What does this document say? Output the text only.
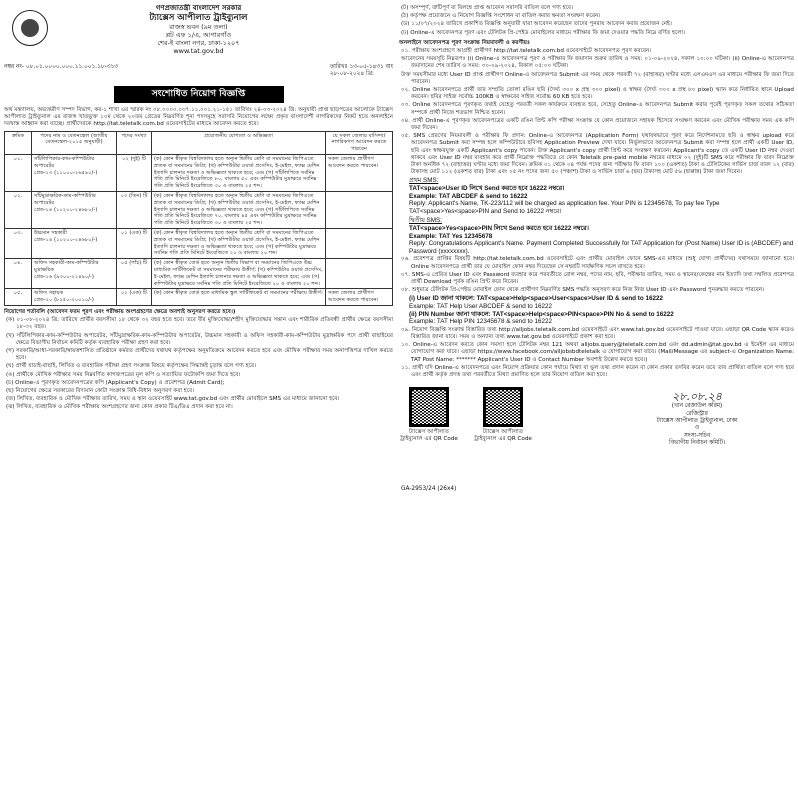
গণপ্রজাতন্ত্রী বাংলাদেশ সরকার
ট্যাক্সেস আপীলাত ট্রাইব্যুনাল
রাজস্ব ভবন (৯ম তলা)
প্লট এফ ১/এ, আগারগাঁও
শের-ই বাংলা নগর, ঢাকা-১২০৭
www.tat.gov.bd
নম্বর নং- ০৮.০১.০০০০.০০০.১১.০০১.১৮-৩১৩	তারিখঃ ১৩-০৫-১৪৩১ বাং
২৮-০৮-২০২৪ খ্রি:
সংশোধিত নিয়োগ বিজ্ঞপ্তি
অর্থ মন্ত্রণালয়, অভ্যন্তরীণ সম্পদ বিভাগ, কর-১ শাখা এর স্মারক নং ০৮.০০০০.০৩৭.১১.০০১.২১-১৫১ তারিখঃ ২৪-০৩-২০২৪ খ্রি: অনুযায়ী প্রাপ্ত ছাড়পত্রের আলোকে ট্যাক্সেস আপীলাত ট্রাইব্যুনাল এর রাজস্ব খাতভুক্ত ১০ম থেকে ২০তম গ্রেডের নিম্নবর্ণিত শূন্য পদসমূহে সরাসরি নিয়োগের লক্ষ্যে প্রকৃত বাংলাদেশী নাগরিকদের নিকট হতে অনলাইনে দরখাস্ত আহ্বান করা যাচ্ছে। প্রার্থীদেরকে http://tat.teletalk.com.bd ওয়েবসাইটের মাধ্যমে আবেদন করতে হবে।
ক্রমিক	পদের নাম ও বেতনস্কেল (জাতীয় বেতনস্কেল-২০১৫ অনুযায়ী)	পদের সংখ্যা	প্রয়োজনীয় যোগ্যতা ও অভিজ্ঞতা	যে সকল জেলার বাসিন্দা/নাগরিকগণ আবেদন করতে পারবেন
০১.	সাঁটলিপিকার-কাম-কম্পিউটার অপারেটর
গ্রেড-১৩ (১১০০০-২৬৫৯০/-)	০২ (দুই) টি	(ক) কোন স্বীকৃত বিশ্ববিদ্যালয় হতে অন্যূন দ্বিতীয় শ্রেণি বা সমমানের জিপিএতে স্নাতক বা সমমানের ডিগ্রি; (খ) কম্পিউটার ওয়ার্ড প্রসেসিং, ই-মেইল, ফ্যাক্স মেশিন ইত্যাদি চালনার দক্ষতা ও অভিজ্ঞতা থাকতে হবে; এবং (গ) সাঁটলিপিতে সর্বনিম্ন গতি প্রতি মিনিটে ইংরেজিতে ৮০, বাংলায় ৫০ এবং কম্পিউটার মুদ্রাক্ষরে সর্বনিম্ন গতি প্রতি মিনিটে ইংরেজিতে ৩০ ও বাংলায় ২৫ শব্দ।	সকল জেলার প্রার্থীগণ আবেদন করতে পারবেন।
০২.	সাঁটমুদ্রাক্ষরিক-কাম-কম্পিউটার অপারেটর
গ্রেড-১৪ (১০২০০-২৪৬৮০/-)	০৩ (তিন) টি	(ক) কোন স্বীকৃত বিশ্ববিদ্যালয় হতে অন্যূন দ্বিতীয় শ্রেণি বা সমমানের জিপিএতে স্নাতক বা সমমানের ডিগ্রি; (খ) কম্পিউটার ওয়ার্ড প্রসেসিং, ই-মেইল, ফ্যাক্স মেশিন ইত্যাদি চালনার দক্ষতা ও অভিজ্ঞতা থাকতে হবে; এবং (গ) সাঁটলিপিতে সর্বনিম্ন গতি প্রতি মিনিটে ইংরেজিতে ৭০, বাংলায় ৪৫ এবং কম্পিউটার মুদ্রাক্ষরে সর্বনিম্ন গতি প্রতি মিনিটে ইংরেজিতে ৩০ ও বাংলায় ২৫ শব্দ।	
০৩.	উচ্চমান সহকারী
গ্রেড-১৪ (১০২০০-২৪৬৮০/-)	০১ (এক) টি	(ক) কোন স্বীকৃত বিশ্ববিদ্যালয় হতে অন্যূন দ্বিতীয় শ্রেণি বা সমমানের জিপিএতে স্নাতক বা সমমানের ডিগ্রি; (খ) কম্পিউটার ওয়ার্ড প্রসেসিং, ই-মেইল, ফ্যাক্স মেশিন ইত্যাদি চালনার দক্ষতা ও অভিজ্ঞতা থাকতে হবে; এবং (গ) কম্পিউটার মুদ্রাক্ষরে সর্বনিম্ন গতি প্রতি মিনিটে ইংরেজিতে ২০ ও বাংলায় ২০ শব্দ।	
০৪.	অফিস সহকারী-কাম-কম্পিউটার মুদ্রাক্ষরিক
গ্রেড-১৬ (৯৩০০-২২৪৯০/-)	০৫ (পাঁচ) টি	(ক) কোন স্বীকৃত বোর্ড হতে অন্যূন দ্বিতীয় বিভাগ বা সমমানের জিপিএতে উচ্চ মাধ্যমিক সার্টিফিকেট বা সমমানের পরীক্ষায় উত্তীর্ণ; (খ) কম্পিউটার ওয়ার্ড প্রসেসিং, ই-মেইল, ফ্যাক্স মেশিন ইত্যাদি চালনার দক্ষতা ও অভিজ্ঞতা থাকতে হবে; এবং (গ) কম্পিউটার মুদ্রাক্ষরে সর্বনিম্ন গতি প্রতি মিনিটে ইংরেজিতে ২০ ও বাংলায় ২০ শব্দ।	
০৫.	অফিস সহায়ক
গ্রেড-২০ (৮২৫০-২০০১০/-)	০১ (এক) টি	(ক) কোন স্বীকৃত বোর্ড হতে মাধ্যমিক স্কুল সার্টিফিকেট বা সমমানের পরীক্ষায় উত্তীর্ণ।	সকল জেলার প্রার্থীগণ আবেদন করতে পারবেন।
নিয়োগের শর্তাবলি (আবেদন ফরম পূরণ এবং পরীক্ষায় অংশগ্রহণের ক্ষেত্রে অবশ্যই অনুসরণ করতে হবে।)
(ক) ০১-০৮-২০২৪ খ্রি: তারিখে প্রার্থীর বয়সসীমা ১৮ থেকে ৩২ বছর হতে হবে। তবে বীর মুক্তিযোদ্ধা/শহীদ মুক্তিযোদ্ধার সন্তান এবং শারীরিক প্রতিবন্ধী প্রার্থীর ক্ষেত্রে বয়সসীমা ১৮-৩২ বছর।
(খ) সাঁটলিপিকার-কাম-কম্পিউটার অপারেটর, সাঁটমুদ্রাক্ষরিক-কাম-কম্পিউটার অপারেটর, উচ্চমান সহকারী ও অফিস সহকারী-কাম-কম্পিউটার মুদ্রাক্ষরিক পদে প্রার্থী বাছাইয়ের ক্ষেত্রে বিভাগীয় নির্বাচন কমিটি কর্তৃক ব্যবহারিক পরীক্ষা গ্রহণ করা হবে।
(গ) সরকারি/আধা-সরকারি/স্বায়ত্তশাসিত প্রতিষ্ঠানে কর্মরত প্রার্থীদের যথাযথ কর্তৃপক্ষের অনুমতিক্রমে আবেদন করতে হবে এবং মৌখিক পরীক্ষার সময় অনাপত্তিপত্র দাখিল করতে হবে।
(ঘ) প্রার্থী যাচাই-বাছাই, লিখিত ও ব্যবহারিক পরীক্ষা গ্রহণ সংক্রান্ত বিষয়ে কর্তৃপক্ষের সিদ্ধান্তই চূড়ান্ত বলে গণ্য হবে।
(ঙ) প্রার্থীকে মৌখিক পরীক্ষার সময় নিম্নবর্ণিত কাগজপত্রের মূল কপি ও সত্যায়িত ফটোকপি জমা দিতে হবে।
(চ) Online-এ পূরণকৃত আবেদনপত্রের কপি (Applicant's Copy) ও প্রবেশপত্র (Admit Card);
(ছ) নিয়োগের ক্ষেত্রে সরকারের বিদ্যমান কোটা সংক্রান্ত বিধি-বিধান অনুসরণ করা হবে।
(জ) লিখিত, ব্যবহারিক ও মৌখিক পরীক্ষার তারিখ, সময় ও স্থান ওয়েবসাইট www.tat.gov.bd এবং প্রার্থীর মোবাইলে SMS এর মাধ্যমে জানানো হবে।
(ঝ) লিখিত, ব্যবহারিক ও মৌখিক পরীক্ষায় অংশগ্রহণের জন্য কোন প্রকার টিএ/ডিএ প্রদান করা হবে না।
(ট) অসম্পূর্ণ, ত্রুটিপূর্ণ বা বিলম্বে প্রাপ্ত আবেদন সরাসরি বাতিল বলে গণ্য হবে।
(ঠ) কর্তৃপক্ষ প্রয়োজনে এ নিয়োগ বিজ্ঞপ্তি সংশোধন বা বাতিল করার ক্ষমতা সংরক্ষণ করেন।
(ড) ১১/০৭/২০২৪ তারিখে প্রকাশিত বিজ্ঞপ্তি অনুযায়ী যারা আবেদন করেছেন তাদের পুনরায় আবেদন করার প্রয়োজন নেই।
(ঢ) Online-এ আবেদনপত্র পূরণ এবং টেলিটক প্রি-পেইড মোবাইলের মাধ্যমে পরীক্ষার ফি জমা দেওয়ার পদ্ধতি নিম্নে বর্ণিত হলো।
অনলাইনে আবেদনপত্র পূরণ সংক্রান্ত নিয়মাবলী ও করণীয়ঃ
০১. পরীক্ষায় অংশগ্রহণে আগ্রহী প্রার্থীগণ http://tat.teletalk.com.bd ওয়েবসাইটে আবেদনপত্র পূরণ করবেন।
আবেদনের সময়সূচি নিম্নরূপঃ (i) Online-এ আবেদনপত্র পূরণ ও পরীক্ষার ফি জমাদান শুরুর তারিখ ও সময়: ০১-০৯-২০২৪, সকাল ১০:০০ ঘটিকা। (ii) Online-এ আবেদনপত্র জমাদানের শেষ তারিখ ও সময়: ৩০-০৯-২০২৪, বিকাল ০৫:০০ ঘটিকা।
উক্ত সময়সীমার মধ্যে User ID প্রাপ্ত প্রার্থীগণ Online-এ আবেদনপত্র Submit এর সময় থেকে পরবর্তী ৭২ (বাহাত্তর) ঘণ্টার মধ্যে এসএমএস এর মাধ্যমে পরীক্ষার ফি জমা দিতে পারবেন।
০২. Online আবেদনপত্রে প্রার্থী তার সম্প্রতি তোলা রঙিন ছবি (দৈর্ঘ্য ৩০০ x প্রস্থ ৩০০ pixel) ও স্বাক্ষর (দৈর্ঘ্য ৩০০ x প্রস্থ ৮০ pixel) স্ক্যান করে নির্ধারিত স্থানে Upload করবেন। ছবির সাইজ সর্বোচ্চ 100KB ও স্বাক্ষরের সাইজ সর্বোচ্চ 60 KB হতে হবে।
০৩. Online আবেদনপত্রে পূরণকৃত তথ্যই যেহেতু পরবর্তী সকল কার্যক্রমে ব্যবহৃত হবে, সেহেতু Online-এ আবেদনপত্র Submit করার পূর্বেই পূরণকৃত সকল তথ্যের সঠিকতা সম্পর্কে প্রার্থী নিজে শতভাগ নিশ্চিত হবেন।
০৪. প্রার্থী Online-এ পূরণকৃত আবেদনপত্রের একটি রঙিন প্রিন্ট কপি পরীক্ষা সংক্রান্ত যে কোন প্রয়োজনে সহায়ক হিসেবে সংরক্ষণ করবেন এবং মৌখিক পরীক্ষার সময় এক কপি জমা দিবেন।
০৫. SMS প্রেরণের নিয়মাবলী ও পরীক্ষার ফি প্রদান: Online-এ আবেদনপত্র (Application Form) যথাযথভাবে পূরণ করে নির্দেশনামতে ছবি ও স্বাক্ষর upload করে আবেদনপত্র Submit করা সম্পন্ন হলে কম্পিউটারে ছবিসহ Application Preview দেখা যাবে। নির্ভুলভাবে আবেদনপত্র Submit করা সম্পন্ন হলে প্রার্থী একটি User ID, ছবি এবং স্বাক্ষরযুক্ত একটি Applicant's copy পাবেন। উক্ত Applicant's copy প্রার্থী প্রিন্ট করে সংরক্ষণ করবেন। Applicant's copy তে একটি User ID নম্বর দেওয়া থাকবে এবং User ID নম্বর ব্যবহার করে প্রার্থী নিম্নোক্ত পদ্ধতিতে যে কোন Teletalk pre-paid mobile নম্বরের মাধ্যমে ০২ (দুই)টি SMS করে পরীক্ষার ফি বাবদ নিম্নোক্ত টাকা অনধিক ৭২ (বাহাত্তর) ঘণ্টার মধ্যে জমা দিবেন। ক্রমিক ০১ থেকে ০৪ পর্যন্ত পদের জন্য পরীক্ষার ফি বাবদ ১০০ (একশত) টাকা ও টেলিটকের সার্ভিস চার্জ বাবদ ১২ (বার) টাকাসহ মোট ১১২ (একশত বার) টাকা এবং ০৫ নং পদের জন্য ৫০ (পঞ্চাশ) টাকা ও সার্ভিস চার্জ ৬ (ছয়) টাকাসহ মোট ৫৬ (ছাপ্পান্ন) টাকা জমা দিবেন।
প্রথম SMS:
TAT<space>User ID লিখে Send করতে হবে 16222 নম্বরে।
Example: TAT ABCDEF & send to 16222
Reply: Applicant's Name, TK-223/112 will be charged as application fee. Your PIN is 12345678, To pay fee Type TAT<space>Yes<space>PIN and Send to 16222 নম্বরে।
দ্বিতীয় SMS:
TAT<space>Yes<space>PIN লিখে Send করতে হবে 16222 নম্বরে।
Example: TAT Yes 12345678
Reply: Congratulations Applicant's Name. Payment Completed Successfully for TAT Application for (Post Name) User ID is (ABCDEF) and Password (xxxxxxxx).
০৬. প্রবেশপত্র প্রাপ্তির বিষয়টি http://tat.teletalk.com.bd ওয়েবসাইটে এবং প্রার্থীর মোবাইল ফোনে SMS-এর মাধ্যমে (শুধু যোগ্য প্রার্থীদের) যথাসময়ে জানানো হবে। Online আবেদনপত্রে প্রার্থী তার যে মোবাইল ফোন নম্বর দিয়েছেন সে নম্বরটি সার্বক্ষণিক সচল রাখতে হবে।
০৭. SMS-এ প্রেরিত User ID এবং Password ব্যবহার করে পরবর্তীতে রোল নম্বর, পদের নাম, ছবি, পরীক্ষার তারিখ, সময় ও স্থানের/কেন্দ্রের নাম ইত্যাদি তথ্য সম্বলিত প্রবেশপত্র প্রার্থী Download পূর্বক রঙিন প্রিন্ট করে নিবেন।
০৮. শুধুমাত্র টেলিটক প্রি-পেইড মোবাইল ফোন থেকে প্রার্থীগণ নিম্নবর্ণিত SMS পদ্ধতি অনুসরণ করে নিজ নিজ User ID এবং Password পুনরুদ্ধার করতে পারবেন।
(i) User ID জানা থাকলে: TAT<space>Help<space>User<space>User ID & send to 16222
Example: TAT Help User ABCDEF & send to 16222
(ii) PIN Number জানা থাকলে: TAT<space>Help<space>PIN<space>PIN No & send to 16222
Example: TAT Help PIN 12345678 & send to 16222
০৯. নিয়োগ বিজ্ঞপ্তি সংক্রান্ত বিস্তারিত তথ্য http://alljobs.teletalk.com.bd ওয়েবসাইটে এবং www.tat.gov.bd ওয়েবসাইটে পাওয়া যাবে। এছাড়া QR Code স্ক্যান করেও বিস্তারিত জানা যাবে। সময় ও অন্যান্য তথ্য www.tat.gov.bd ওয়েবসাইটে প্রকাশ করা হবে।
১০. Online-এ আবেদন করতে কোন সমস্যা হলে টেলিটক নম্বর 121 অথবা alljobs.query@teletalk.com.bd এবং dd.admin@tat.gov.bd এ ইমেইল এর মাধ্যমে যোগাযোগ করা যাবে। এছাড়া https://www.facebook.com/alljobsbdteletalk এ যোগাযোগ করা যাবে। (Mail/Message এর subject-এ Organization Name: TAT Post Name: ******* Applicant's User ID ও Contact Number অবশ্যই উল্লেখ করতে হবে।)
১১. প্রার্থী যদি Online-এ আবেদনপত্রে এবং নিয়োগ প্রক্রিয়ার কোন পর্যায়ে মিথ্যা বা ভুল তথ্য প্রদান করেন বা কোন প্রকার তদবির করেন তবে তার প্রার্থিতা বাতিল বলে গণ্য হবে এবং প্রার্থী কর্তৃক প্রদত্ত তথ্য পরবর্তীতে মিথ্যা প্রমাণিত হলে তার নিয়োগ বাতিল করা হবে।
ট্যাক্সেস আপীলাত ট্রাইব্যুনাল এর QR Code
ট্যাক্সেস আপীলাত ট্রাইব্যুনাল এর QR Code
২৮.০৮.২৪
(খান রেজাউল করিম)
রেজিস্ট্রার
ট্যাক্সেস আপীলাত ট্রাইব্যুনাল, ঢাকা
ও
সদস্য-সচিব
বিভাগীয় নির্বাচন কমিটি।
GA-2953/24 (26x4)
